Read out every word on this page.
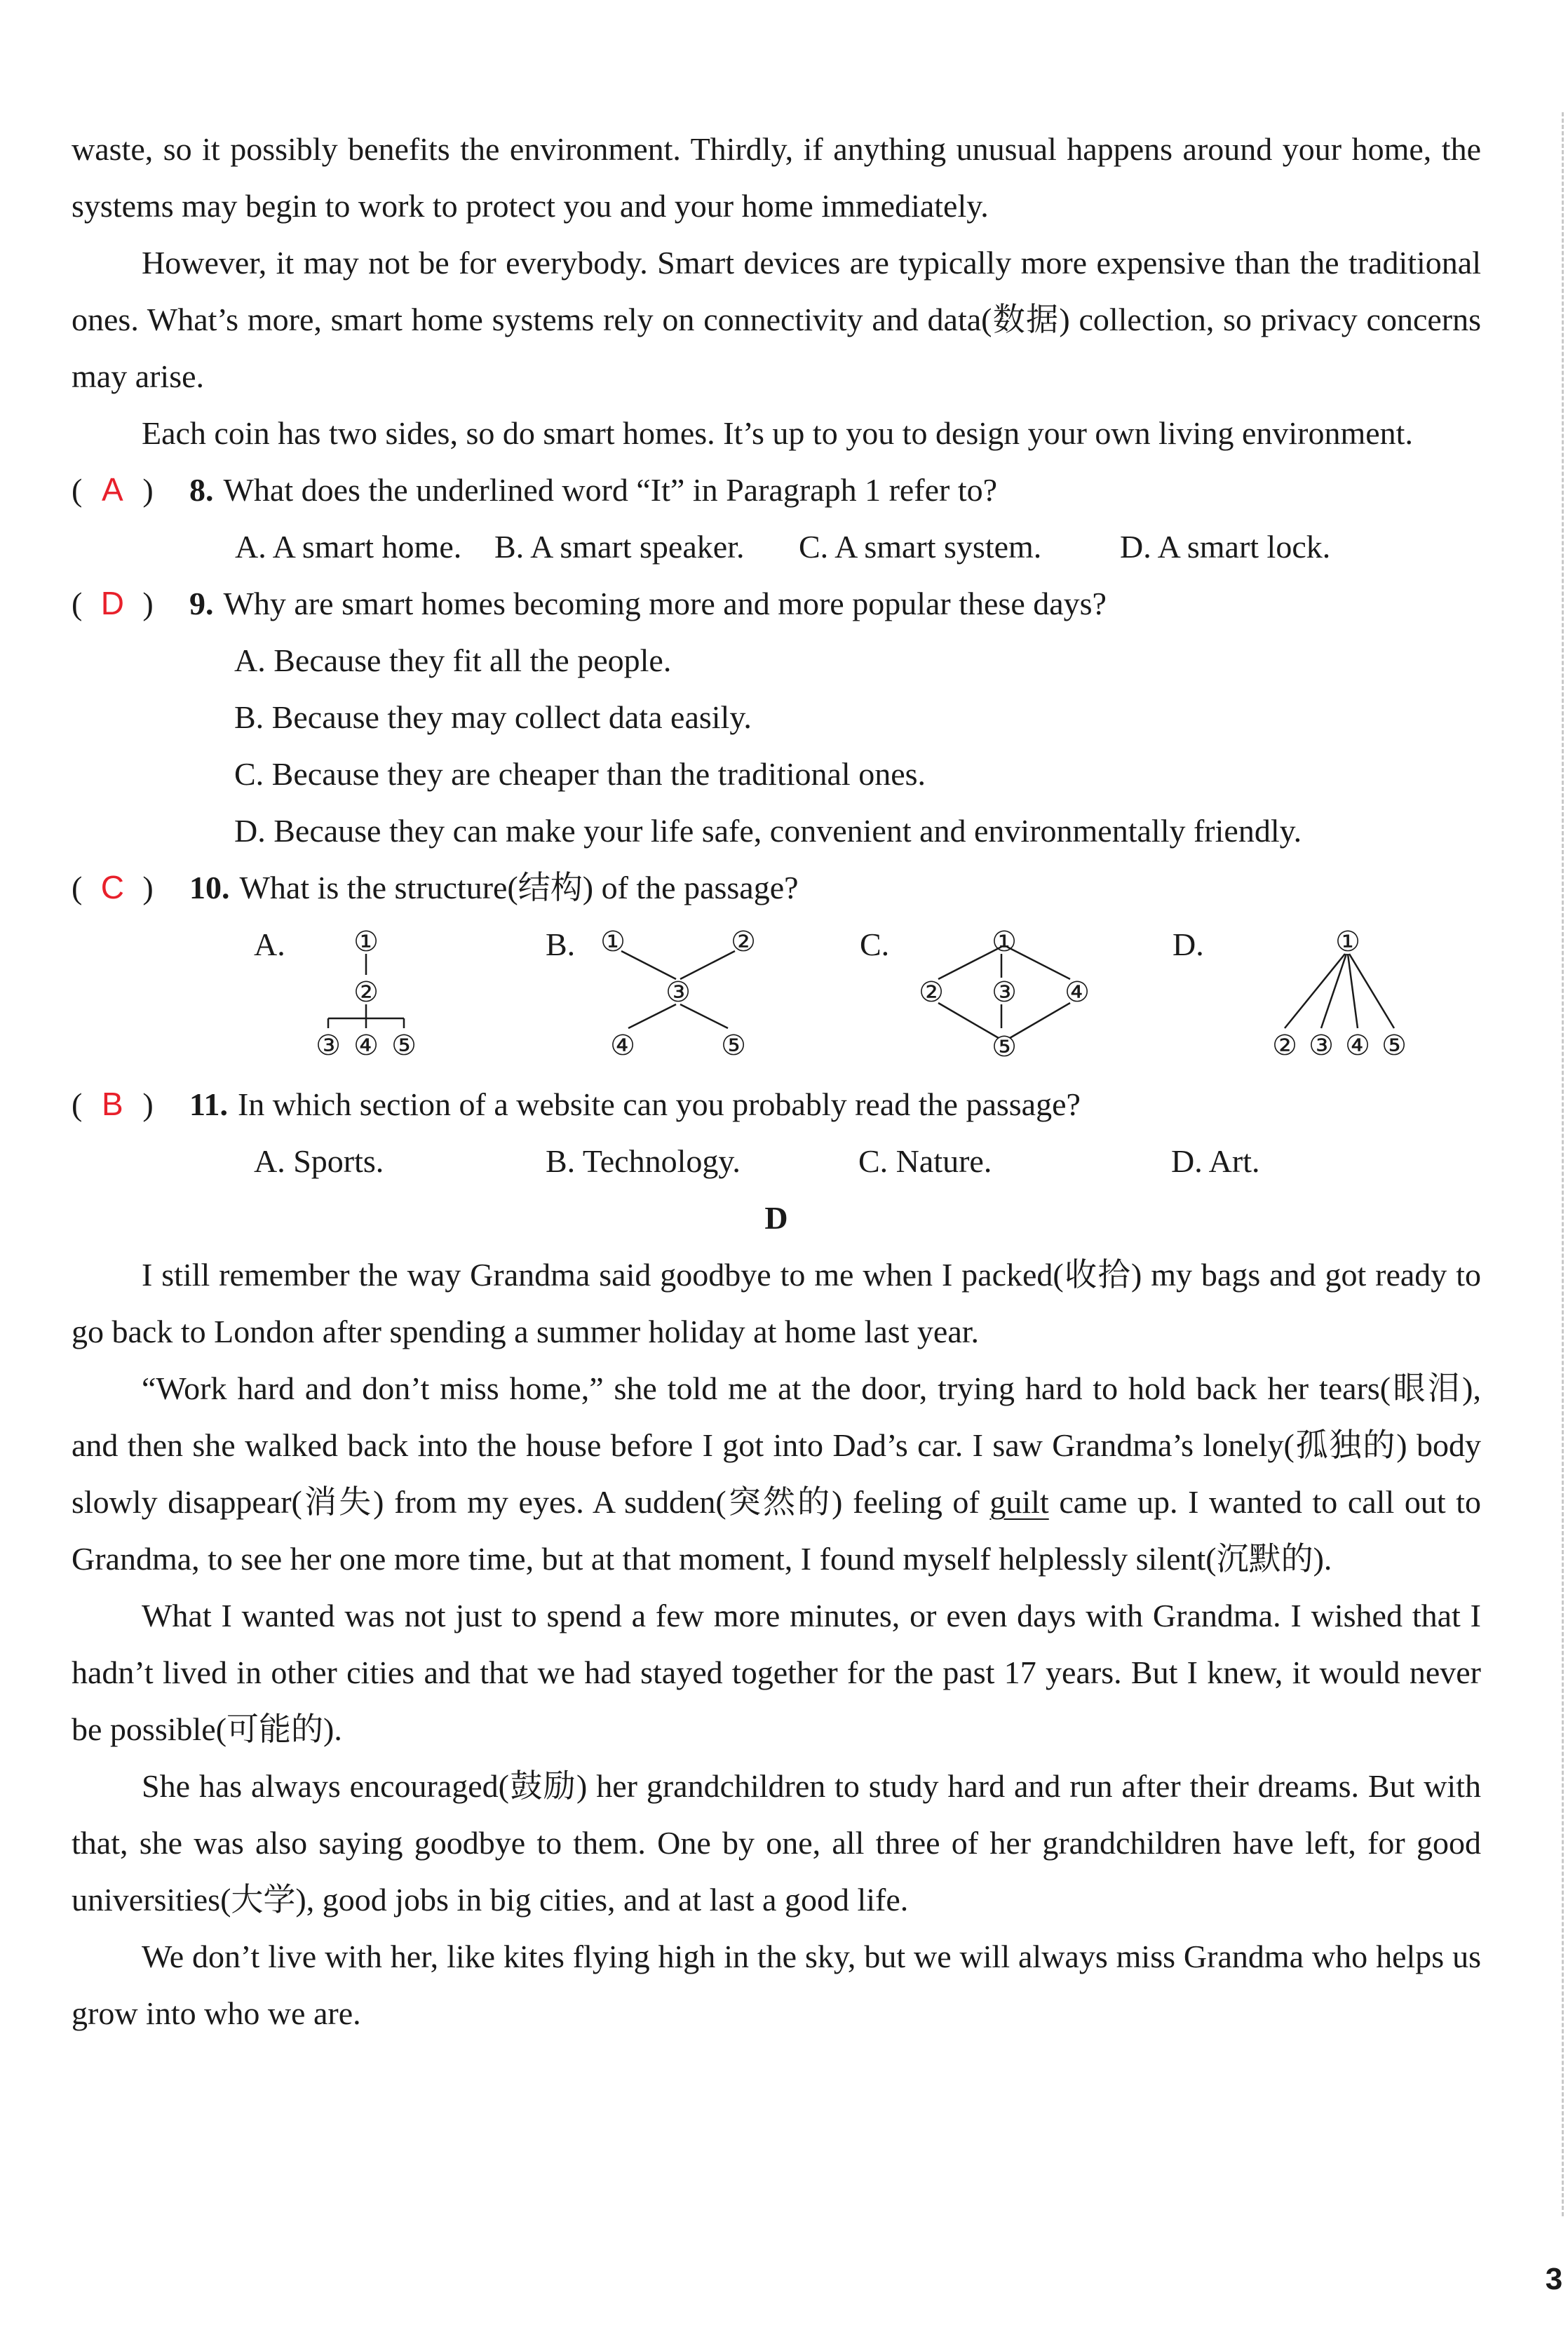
waste, so it possibly benefits the environment. Thirdly, if anything unusual happens around your home, the systems may begin to work to protect you and your home immediately.

However, it may not be for everybody. Smart devices are typically more expensive than the traditional ones. What’s more, smart home systems rely on connectivity and data(数据) collection, so privacy concerns may arise.

Each coin has two sides, so do smart homes. It’s up to you to design your own living environment.

( A )	8. What does the underlined word “It” in Paragraph 1 refer to?
A. A smart home.	B. A smart speaker.	C. A smart system.	D. A smart lock.
( D )	9. Why are smart homes becoming more and more popular these days?
A. Because they fit all the people.
B. Because they may collect data easily.
C. Because they are cheaper than the traditional ones.
D. Because they can make your life safe, convenient and environmentally friendly.
( C )	10. What is the structure(结构) of the passage?
A. ①
②
③ ④ ⑤
B. ①	②
③
④	⑤
C.	①
② ③ ④
⑤
D.	①
② ③ ④ ⑤
( B )	11. In which section of a website can you probably read the passage?
A. Sports.	B. Technology.	C. Nature.	D. Art.
D

I still remember the way Grandma said goodbye to me when I packed(收拾) my bags and got ready to go back to London after spending a summer holiday at home last year.

“Work hard and don’t miss home,” she told me at the door, trying hard to hold back her tears(眼泪), and then she walked back into the house before I got into Dad’s car. I saw Grandma’s lonely(孤独的) body slowly disappear(消失) from my eyes. A sudden(突然的) feeling of guilt came up. I wanted to call out to Grandma, to see her one more time, but at that moment, I found myself helplessly silent(沉默的).

What I wanted was not just to spend a few more minutes, or even days with Grandma. I wished that I hadn’t lived in other cities and that we had stayed together for the past 17 years. But I knew, it would never be possible(可能的).

She has always encouraged(鼓励) her grandchildren to study hard and run after their dreams. But with that, she was also saying goodbye to them. One by one, all three of her grandchildren have left, for good universities(大学), good jobs in big cities, and at last a good life.

We don’t live with her, like kites flying high in the sky, but we will always miss Grandma who helps us grow into who we are.

3
